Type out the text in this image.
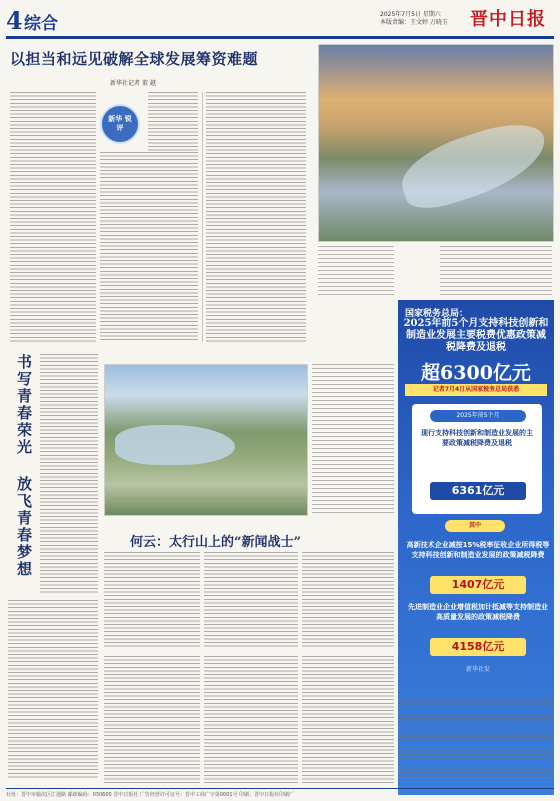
4 综合	2025年7月5日 星期六
本版责编：王文婷 万晓玉 晋中日报
以担当和远见破解全球发展筹资难题
新华社记者 董 越
新华 锐评
国家税务总局：
2025年前5个月支持科技创新和制造业发展主要税费优惠政策减税降费及退税
超6300亿元
记者7月4日从国家税务总局获悉
2025年前5个月
现行支持科技创新和制造业发展的主要政策减税降费及退税
6361亿元
其中
高新技术企业减按15%税率征收企业所得税等支持科技创新和制造业发展的政策减税降费
1407亿元
先进制造业企业增值税加计抵减等支持制造业高质量发展的政策减税降费
4158亿元
新华社发
书写青春荣光 放飞青春梦想	何云：太行山上的“新闻战士”
社址：晋中市榆次区汇通路 邮政编码：030600 晋中日报社 广告经营许可证号：晋中工商广字第0001号 印刷：晋中日报社印刷厂
